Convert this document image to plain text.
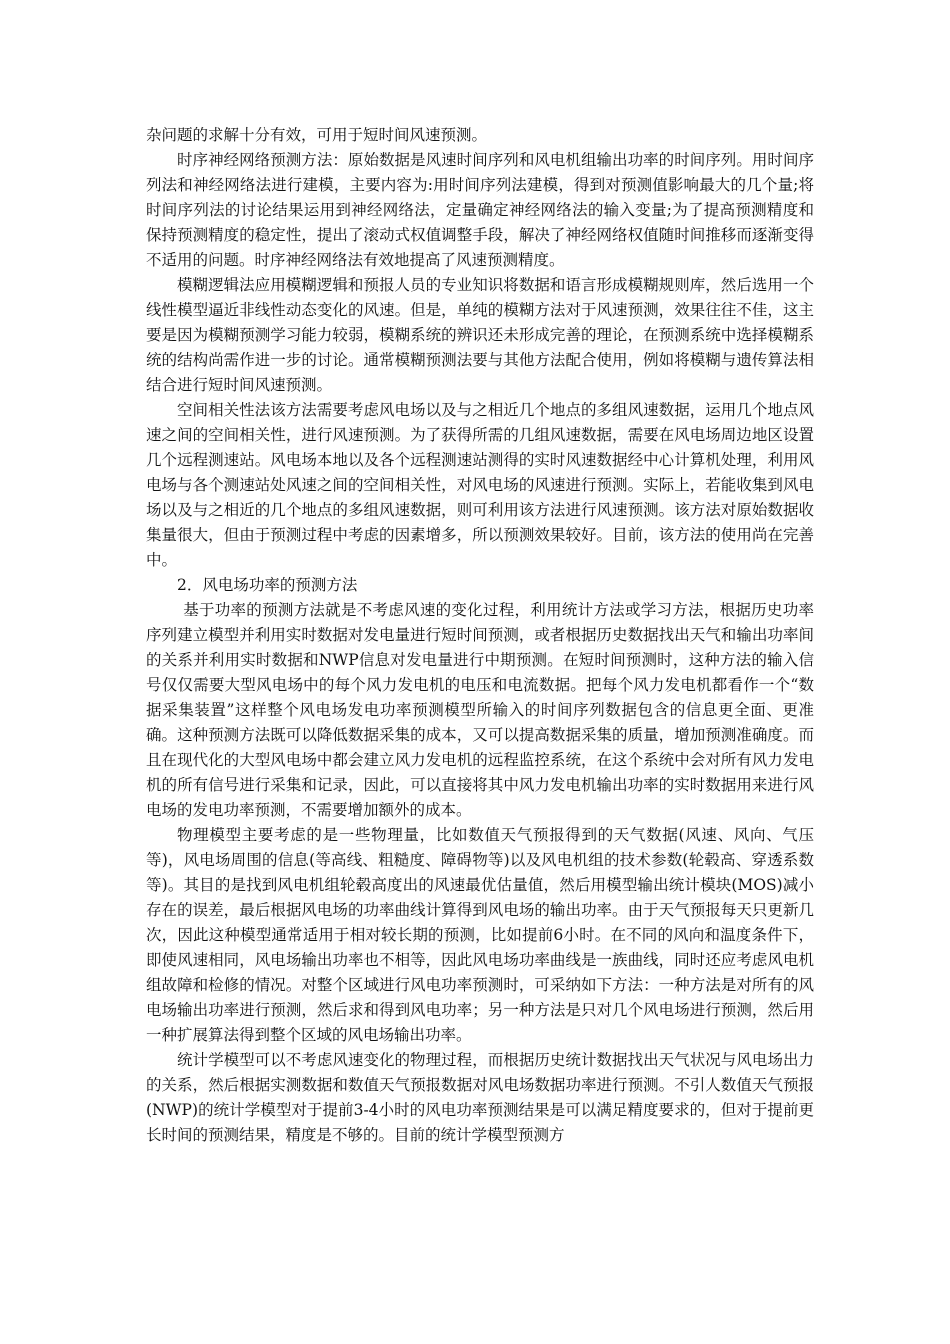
杂问题的求解十分有效，可用于短时间风速预测。

时序神经网络预测方法：原始数据是风速时间序列和风电机组输出功率的时间序列。用时间序列法和神经网络法进行建模，主要内容为:用时间序列法建模，得到对预测值影响最大的几个量;将时间序列法的讨论结果运用到神经网络法，定量确定神经网络法的输入变量;为了提高预测精度和保持预测精度的稳定性，提出了滚动式权值调整手段，解决了神经网络权值随时间推移而逐渐变得不适用的问题。时序神经网络法有效地提高了风速预测精度。

模糊逻辑法应用模糊逻辑和预报人员的专业知识将数据和语言形成模糊规则库，然后选用一个线性模型逼近非线性动态变化的风速。但是，单纯的模糊方法对于风速预测，效果往往不佳，这主要是因为模糊预测学习能力较弱，模糊系统的辨识还未形成完善的理论，在预测系统中选择模糊系统的结构尚需作进一步的讨论。通常模糊预测法要与其他方法配合使用，例如将模糊与遗传算法相结合进行短时间风速预测。

空间相关性法该方法需要考虑风电场以及与之相近几个地点的多组风速数据，运用几个地点风速之间的空间相关性，进行风速预测。为了获得所需的几组风速数据，需要在风电场周边地区设置几个远程测速站。风电场本地以及各个远程测速站测得的实时风速数据经中心计算机处理，利用风电场与各个测速站处风速之间的空间相关性，对风电场的风速进行预测。实际上，若能收集到风电场以及与之相近的几个地点的多组风速数据，则可利用该方法进行风速预测。该方法对原始数据收集量很大，但由于预测过程中考虑的因素增多，所以预测效果较好。目前，该方法的使用尚在完善中。

2．风电场功率的预测方法

基于功率的预测方法就是不考虑风速的变化过程，利用统计方法或学习方法，根据历史功率序列建立模型并利用实时数据对发电量进行短时间预测，或者根据历史数据找出天气和输出功率间的关系并利用实时数据和NWP信息对发电量进行中期预测。在短时间预测时，这种方法的输入信号仅仅需要大型风电场中的每个风力发电机的电压和电流数据。把每个风力发电机都看作一个“数据采集装置”这样整个风电场发电功率预测模型所输入的时间序列数据包含的信息更全面、更准确。这种预测方法既可以降低数据采集的成本，又可以提高数据采集的质量，增加预测准确度。而且在现代化的大型风电场中都会建立风力发电机的远程监控系统，在这个系统中会对所有风力发电机的所有信号进行采集和记录，因此，可以直接将其中风力发电机输出功率的实时数据用来进行风电场的发电功率预测，不需要增加额外的成本。

物理模型主要考虑的是一些物理量，比如数值天气预报得到的天气数据(风速、风向、气压等)，风电场周围的信息(等高线、粗糙度、障碍物等)以及风电机组的技术参数(轮毂高、穿透系数等)。其目的是找到风电机组轮毂高度出的风速最优估量值，然后用模型输出统计模块(MOS)减小存在的误差，最后根据风电场的功率曲线计算得到风电场的输出功率。由于天气预报每天只更新几次，因此这种模型通常适用于相对较长期的预测，比如提前6小时。在不同的风向和温度条件下，即使风速相同，风电场输出功率也不相等，因此风电场功率曲线是一族曲线，同时还应考虑风电机组故障和检修的情况。对整个区域进行风电功率预测时，可采纳如下方法：一种方法是对所有的风电场输出功率进行预测，然后求和得到风电功率；另一种方法是只对几个风电场进行预测，然后用一种扩展算法得到整个区域的风电场输出功率。

统计学模型可以不考虑风速变化的物理过程，而根据历史统计数据找出天气状况与风电场出力的关系，然后根据实测数据和数值天气预报数据对风电场数据功率进行预测。不引人数值天气预报(NWP)的统计学模型对于提前3-4小时的风电功率预测结果是可以满足精度要求的，但对于提前更长时间的预测结果，精度是不够的。目前的统计学模型预测方
